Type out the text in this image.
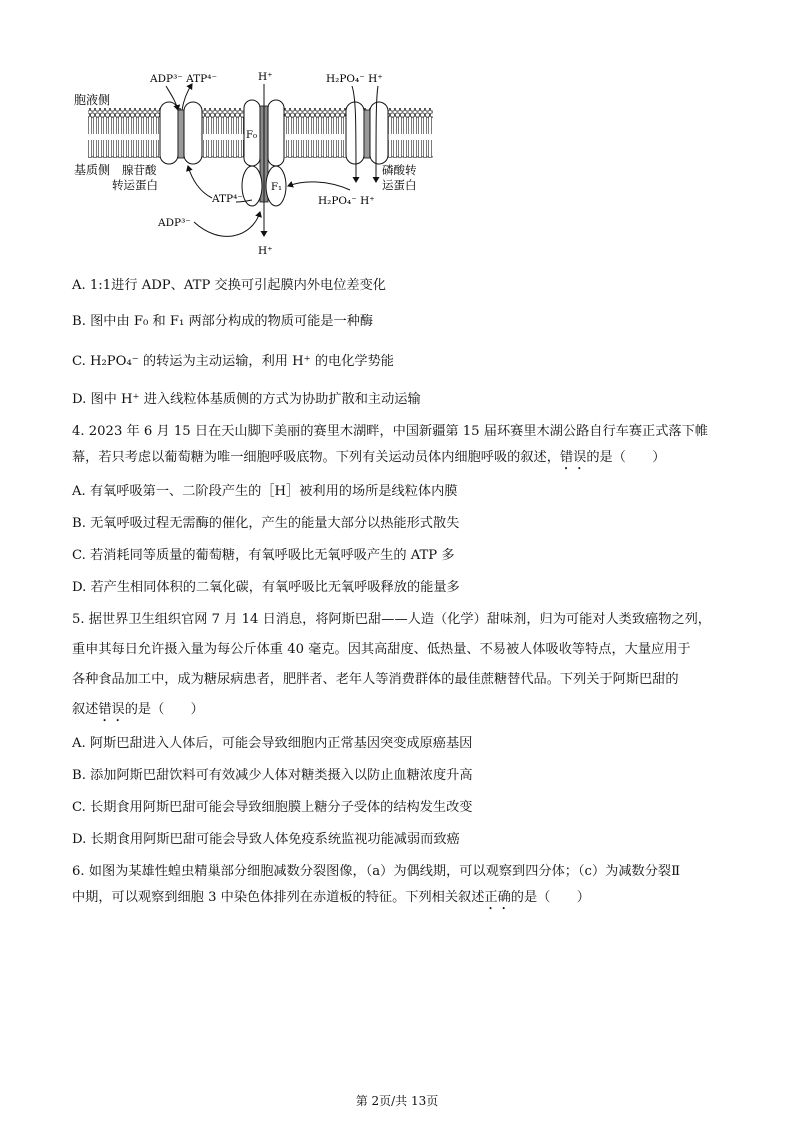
胞液侧
基质侧
ADP³⁻ ATP⁴⁻
腺苷酸
转运蛋白
F₀
F₁
H⁺
H⁺
ATP⁴⁻
ADP³⁻
H₂PO₄⁻ H⁺
H₂PO₄⁻ H⁺
磷酸转
运蛋白
A. 1:1进行 ADP、ATP 交换可引起膜内外电位差变化
B. 图中由 F₀ 和 F₁ 两部分构成的物质可能是一种酶
C. H₂PO₄⁻ 的转运为主动运输，利用 H⁺ 的电化学势能
D. 图中 H⁺ 进入线粒体基质侧的方式为协助扩散和主动运输
4. 2023 年 6 月 15 日在天山脚下美丽的赛里木湖畔，中国新疆第 15 届环赛里木湖公路自行车赛正式落下帷
幕，若只考虑以葡萄糖为唯一细胞呼吸底物。下列有关运动员体内细胞呼吸的叙述，错误的是（　　）
A. 有氧呼吸第一、二阶段产生的［H］被利用的场所是线粒体内膜
B. 无氧呼吸过程无需酶的催化，产生的能量大部分以热能形式散失
C. 若消耗同等质量的葡萄糖，有氧呼吸比无氧呼吸产生的 ATP 多
D. 若产生相同体积的二氧化碳，有氧呼吸比无氧呼吸释放的能量多
5. 据世界卫生组织官网 7 月 14 日消息，将阿斯巴甜——人造（化学）甜味剂，归为可能对人类致癌物之列，
重申其每日允许摄入量为每公斤体重 40 毫克。因其高甜度、低热量、不易被人体吸收等特点，大量应用于
各种食品加工中，成为糖尿病患者，肥胖者、老年人等消费群体的最佳蔗糖替代品。下列关于阿斯巴甜的
叙述错误的是（　　）
A. 阿斯巴甜进入人体后，可能会导致细胞内正常基因突变成原癌基因
B. 添加阿斯巴甜饮料可有效减少人体对糖类摄入以防止血糖浓度升高
C. 长期食用阿斯巴甜可能会导致细胞膜上糖分子受体的结构发生改变
D. 长期食用阿斯巴甜可能会导致人体免疫系统监视功能减弱而致癌
6. 如图为某雄性蝗虫精巢部分细胞减数分裂图像，（a）为偶线期，可以观察到四分体；（c）为减数分裂Ⅱ
中期，可以观察到细胞 3 中染色体排列在赤道板的特征。下列相关叙述正确的是（　　）
第 2页/共 13页
